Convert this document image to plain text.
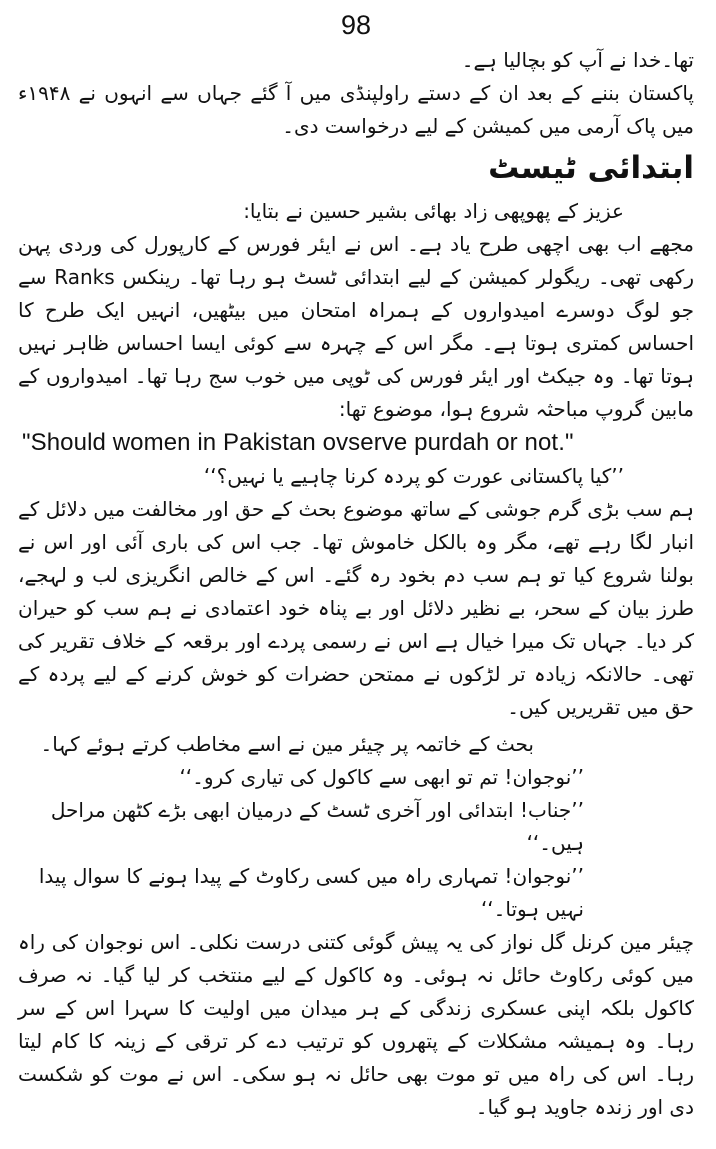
98

تھا۔خدا نے آپ کو بچالیا ہے۔

پاکستان بننے کے بعد ان کے دستے راولپنڈی میں آ گئے جہاں سے انہوں نے ۱۹۴۸ء میں پاک آرمی میں کمیشن کے لیے درخواست دی۔

ابتدائی ٹیسٹ

عزیز کے پھوپھی زاد بھائی بشیر حسین نے بتایا:

مجھے اب بھی اچھی طرح یاد ہے۔ اس نے ایئر فورس کے کارپورل کی وردی پہن رکھی تھی۔ ریگولر کمیشن کے لیے ابتدائی ٹسٹ ہو رہا تھا۔ رینکس Ranks سے جو لوگ دوسرے امیدواروں کے ہمراہ امتحان میں بیٹھیں، انہیں ایک طرح کا احساس کمتری ہوتا ہے۔ مگر اس کے چہرہ سے کوئی ایسا احساس ظاہر نہیں ہوتا تھا۔ وہ جیکٹ اور ایئر فورس کی ٹوپی میں خوب سج رہا تھا۔ امیدواروں کے مابین گروپ مباحثہ شروع ہوا، موضوع تھا:

"Should women in Pakistan ovserve purdah or not."

’’کیا پاکستانی عورت کو پردہ کرنا چاہیے یا نہیں؟‘‘

ہم سب بڑی گرم جوشی کے ساتھ موضوع بحث کے حق اور مخالفت میں دلائل کے انبار لگا رہے تھے، مگر وہ بالکل خاموش تھا۔ جب اس کی باری آئی اور اس نے بولنا شروع کیا تو ہم سب دم بخود رہ گئے۔ اس کے خالص انگریزی لب و لہجے، طرز بیان کے سحر، بے نظیر دلائل اور بے پناہ خود اعتمادی نے ہم سب کو حیران کر دیا۔ جہاں تک میرا خیال ہے اس نے رسمی پردے اور برقعہ کے خلاف تقریر کی تھی۔ حالانکہ زیادہ تر لڑکوں نے ممتحن حضرات کو خوش کرنے کے لیے پردہ کے حق میں تقریریں کیں۔

بحث کے خاتمہ پر چیئر مین نے اسے مخاطب کرتے ہوئے کہا۔

’’نوجوان! تم تو ابھی سے کاکول کی تیاری کرو۔‘‘

’’جناب! ابتدائی اور آخری ٹسٹ کے درمیان ابھی بڑے کٹھن مراحل ہیں۔‘‘

’’نوجوان! تمہاری راہ میں کسی رکاوٹ کے پیدا ہونے کا سوال پیدا نہیں ہوتا۔‘‘

چیئر مین کرنل گل نواز کی یہ پیش گوئی کتنی درست نکلی۔ اس نوجوان کی راہ میں کوئی رکاوٹ حائل نہ ہوئی۔ وہ کاکول کے لیے منتخب کر لیا گیا۔ نہ صرف کاکول بلکہ اپنی عسکری زندگی کے ہر میدان میں اولیت کا سہرا اس کے سر رہا۔ وہ ہمیشہ مشکلات کے پتھروں کو ترتیب دے کر ترقی کے زینہ کا کام لیتا رہا۔ اس کی راہ میں تو موت بھی حائل نہ ہو سکی۔ اس نے موت کو شکست دی اور زندہ جاوید ہو گیا۔
